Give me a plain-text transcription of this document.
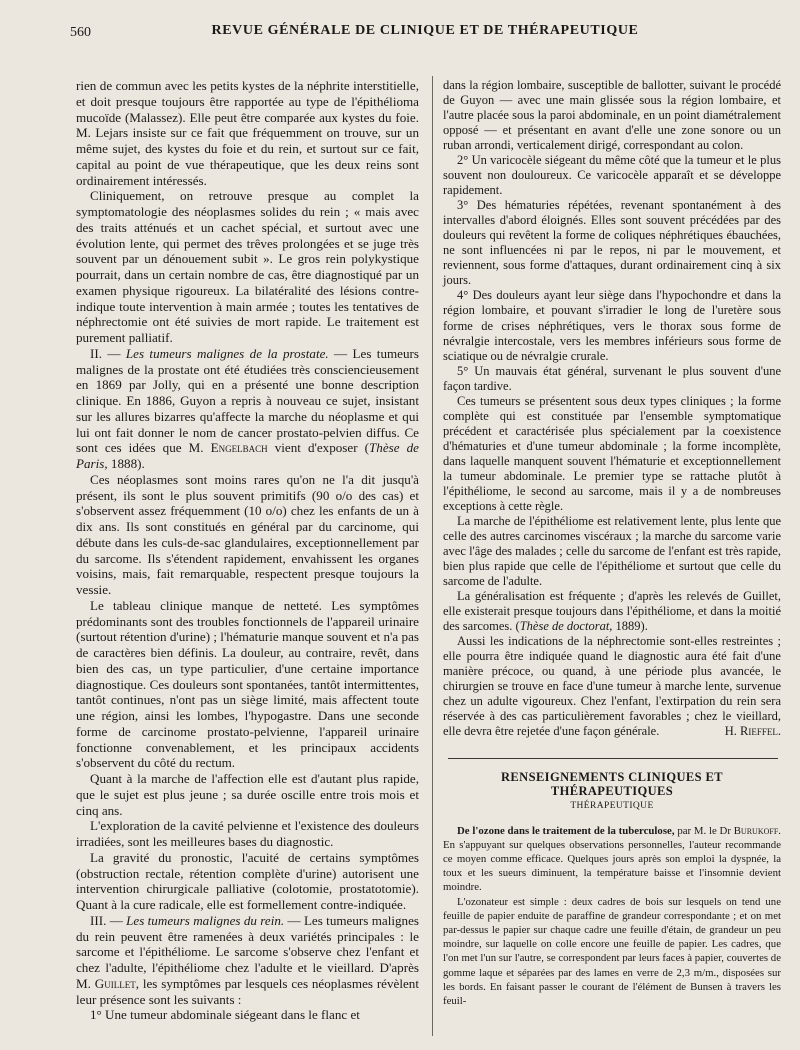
560	REVUE GÉNÉRALE DE CLINIQUE ET DE THÉRAPEUTIQUE

rien de commun avec les petits kystes de la néphrite interstitielle, et doit presque toujours être rapportée au type de l'épithélioma mucoïde (Malassez). Elle peut être comparée aux kystes du foie. M. Lejars insiste sur ce fait que fréquemment on trouve, sur un même sujet, des kystes du foie et du rein, et surtout sur ce fait, capital au point de vue thérapeutique, que les deux reins sont ordinairement intéressés.

Cliniquement, on retrouve presque au complet la symptomatologie des néoplasmes solides du rein ; « mais avec des traits atténués et un cachet spécial, et surtout avec une évolution lente, qui permet des trêves prolongées et se juge très souvent par un dénouement subit ». Le gros rein polykystique pourrait, dans un certain nombre de cas, être diagnostiqué par un examen physique rigoureux. La bilatéralité des lésions contre-indique toute intervention à main armée ; toutes les tentatives de néphrectomie ont été suivies de mort rapide. Le traitement est purement palliatif.

II. — Les tumeurs malignes de la prostate. — Les tumeurs malignes de la prostate ont été étudiées très consciencieusement en 1869 par Jolly, qui en a présenté une bonne description clinique. En 1886, Guyon a repris à nouveau ce sujet, insistant sur les allures bizarres qu'affecte la marche du néoplasme et qui lui ont fait donner le nom de cancer prostato-pelvien diffus. Ce sont ces idées que M. Engelbach vient d'exposer (Thèse de Paris, 1888).

Ces néoplasmes sont moins rares qu'on ne l'a dit jusqu'à présent, ils sont le plus souvent primitifs (90 o/o des cas) et s'observent assez fréquemment (10 o/o) chez les enfants de un à dix ans. Ils sont constitués en général par du carcinome, qui débute dans les culs-de-sac glandulaires, exceptionnellement par du sarcome. Ils s'étendent rapidement, envahissent les organes voisins, mais, fait remarquable, respectent presque toujours la vessie.

Le tableau clinique manque de netteté. Les symptômes prédominants sont des troubles fonctionnels de l'appareil urinaire (surtout rétention d'urine) ; l'hématurie manque souvent et n'a pas de caractères bien définis. La douleur, au contraire, revêt, dans bien des cas, un type particulier, d'une certaine importance diagnostique. Ces douleurs sont spontanées, tantôt intermittentes, tantôt continues, n'ont pas un siège limité, mais affectent toute une région, ainsi les lombes, l'hypogastre. Dans une seconde forme de carcinome prostato-pelvienne, l'appareil urinaire fonctionne convenablement, et les principaux accidents s'observent du côté du rectum.

Quant à la marche de l'affection elle est d'autant plus rapide, que le sujet est plus jeune ; sa durée oscille entre trois mois et cinq ans.

L'exploration de la cavité pelvienne et l'existence des douleurs irradiées, sont les meilleures bases du diagnostic.

La gravité du pronostic, l'acuité de certains symptômes (obstruction rectale, rétention complète d'urine) autorisent une intervention chirurgicale palliative (colotomie, prostatotomie). Quant à la cure radicale, elle est formellement contre-indiquée.

III. — Les tumeurs malignes du rein. — Les tumeurs malignes du rein peuvent être ramenées à deux variétés principales : le sarcome et l'épithéliome. Le sarcome s'observe chez l'enfant et chez l'adulte, l'épithéliome chez l'adulte et le vieillard. D'après M. Guillet, les symptômes par lesquels ces néoplasmes révèlent leur présence sont les suivants :

1° Une tumeur abdominale siégeant dans le flanc et

dans la région lombaire, susceptible de ballotter, suivant le procédé de Guyon — avec une main glissée sous la région lombaire, et l'autre placée sous la paroi abdominale, en un point diamétralement opposé — et présentant en avant d'elle une zone sonore ou un ruban arrondi, verticalement dirigé, correspondant au colon.

2° Un varicocèle siégeant du même côté que la tumeur et le plus souvent non douloureux. Ce varicocèle apparaît et se développe rapidement.

3° Des hématuries répétées, revenant spontanément à des intervalles d'abord éloignés. Elles sont souvent précédées par des douleurs qui revêtent la forme de coliques néphrétiques ébauchées, ne sont influencées ni par le repos, ni par le mouvement, et reviennent, sous forme d'attaques, durant ordinairement cinq à six jours.

4° Des douleurs ayant leur siège dans l'hypochondre et dans la région lombaire, et pouvant s'irradier le long de l'uretère sous forme de crises néphrétiques, vers le thorax sous forme de névralgie intercostale, vers les membres inférieurs sous forme de sciatique ou de névralgie crurale.

5° Un mauvais état général, survenant le plus souvent d'une façon tardive.

Ces tumeurs se présentent sous deux types cliniques ; la forme complète qui est constituée par l'ensemble symptomatique précédent et caractérisée plus spécialement par la coexistence d'hématuries et d'une tumeur abdominale ; la forme incomplète, dans laquelle manquent souvent l'hématurie et exceptionnellement la tumeur abdominale. Le premier type se rattache plutôt à l'épithéliome, le second au sarcome, mais il y a de nombreuses exceptions à cette règle.

La marche de l'épithéliome est relativement lente, plus lente que celle des autres carcinomes viscéraux ; la marche du sarcome varie avec l'âge des malades ; celle du sarcome de l'enfant est très rapide, bien plus rapide que celle de l'épithéliome et surtout que celle du sarcome de l'adulte.

La généralisation est fréquente ; d'après les relevés de Guillet, elle existerait presque toujours dans l'épithéliome, et dans la moitié des sarcomes. (Thèse de doctorat, 1889).

Aussi les indications de la néphrectomie sont-elles restreintes ; elle pourra être indiquée quand le diagnostic aura été fait d'une manière précoce, ou quand, à une période plus avancée, le chirurgien se trouve en face d'une tumeur à marche lente, survenue chez un adulte vigoureux. Chez l'enfant, l'extirpation du rein sera réservée à des cas particulièrement favorables ; chez le vieillard, elle devra être rejetée d'une façon générale.	H. Rieffel.

RENSEIGNEMENTS CLINIQUES ET THÉRAPEUTIQUES
THÉRAPEUTIQUE

De l'ozone dans le traitement de la tuberculose, par M. le Dr Burukoff. En s'appuyant sur quelques observations personnelles, l'auteur recommande ce moyen comme efficace. Quelques jours après son emploi la dyspnée, la toux et les sueurs diminuent, la température baisse et l'insomnie devient moindre.

L'ozonateur est simple : deux cadres de bois sur lesquels on tend une feuille de papier enduite de paraffine de grandeur correspondante ; et on met par-dessus le papier sur chaque cadre une feuille d'étain, de grandeur un peu moindre, sur laquelle on colle encore une feuille de papier. Les cadres, que l'on met l'un sur l'autre, se correspondent par leurs faces à papier, couvertes de gomme laque et séparées par des lames en verre de 2,3 m/m., disposées sur les bords. En faisant passer le courant de l'élément de Bunsen à travers les feuil-
